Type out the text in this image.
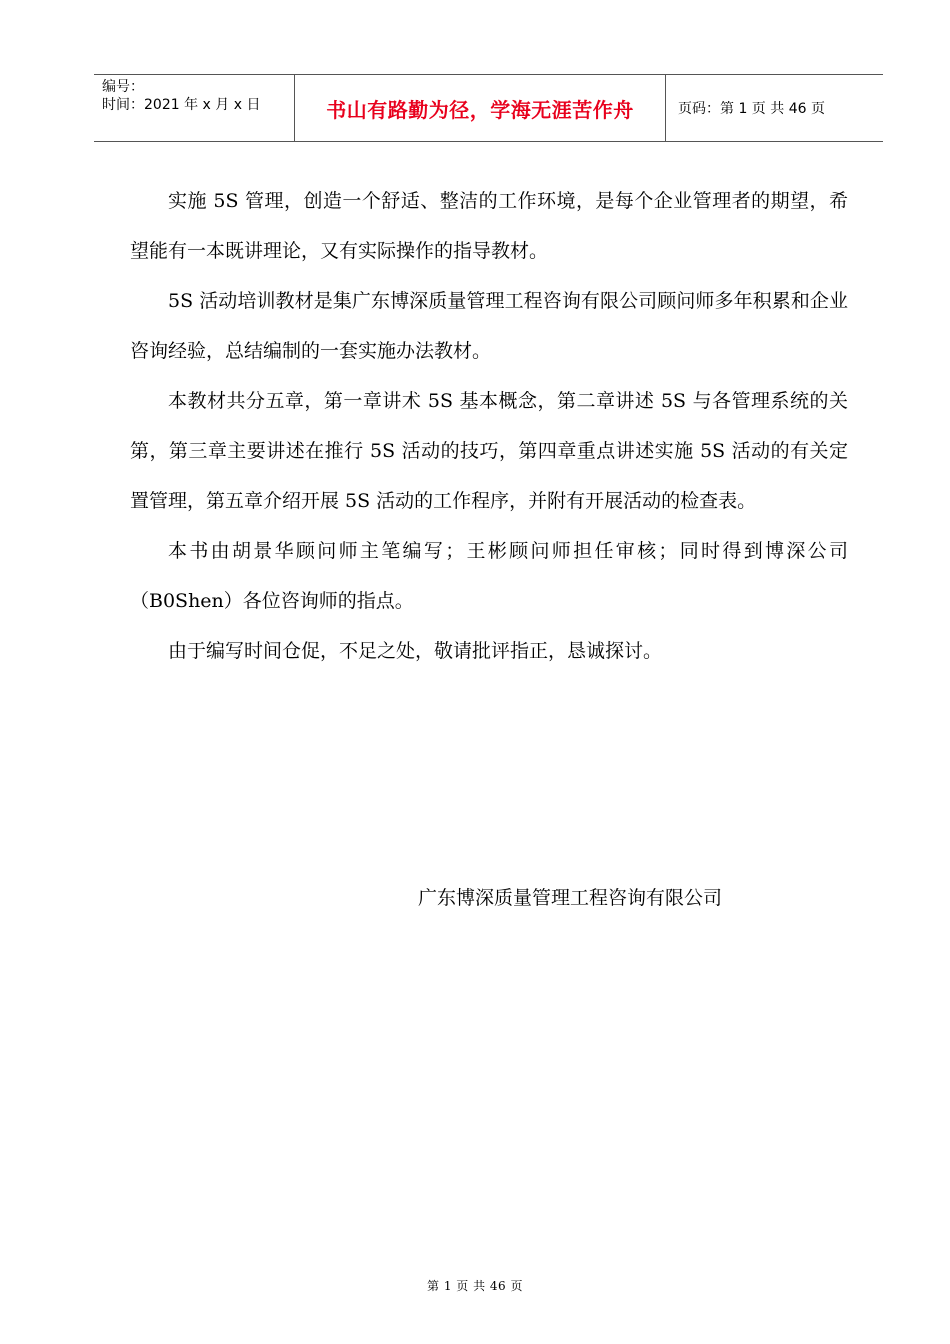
编号：
时间：2021 年 x 月 x 日	书山有路勤为径，学海无涯苦作舟	页码：第 1 页 共 46 页

实施 5S 管理，创造一个舒适、整洁的工作环境，是每个企业管理者的期望，希望能有一本既讲理论，又有实际操作的指导教材。

5S 活动培训教材是集广东博深质量管理工程咨询有限公司顾问师多年积累和企业咨询经验，总结编制的一套实施办法教材。

本教材共分五章，第一章讲术 5S 基本概念，第二章讲述 5S 与各管理系统的关第，第三章主要讲述在推行 5S 活动的技巧，第四章重点讲述实施 5S 活动的有关定置管理，第五章介绍开展 5S 活动的工作程序，并附有开展活动的检查表。

本书由胡景华顾问师主笔编写；王彬顾问师担任审核；同时得到博深公司（B0Shen）各位咨询师的指点。

由于编写时间仓促，不足之处，敬请批评指正，恳诚探讨。

广东博深质量管理工程咨询有限公司
第 1 页 共 46 页
